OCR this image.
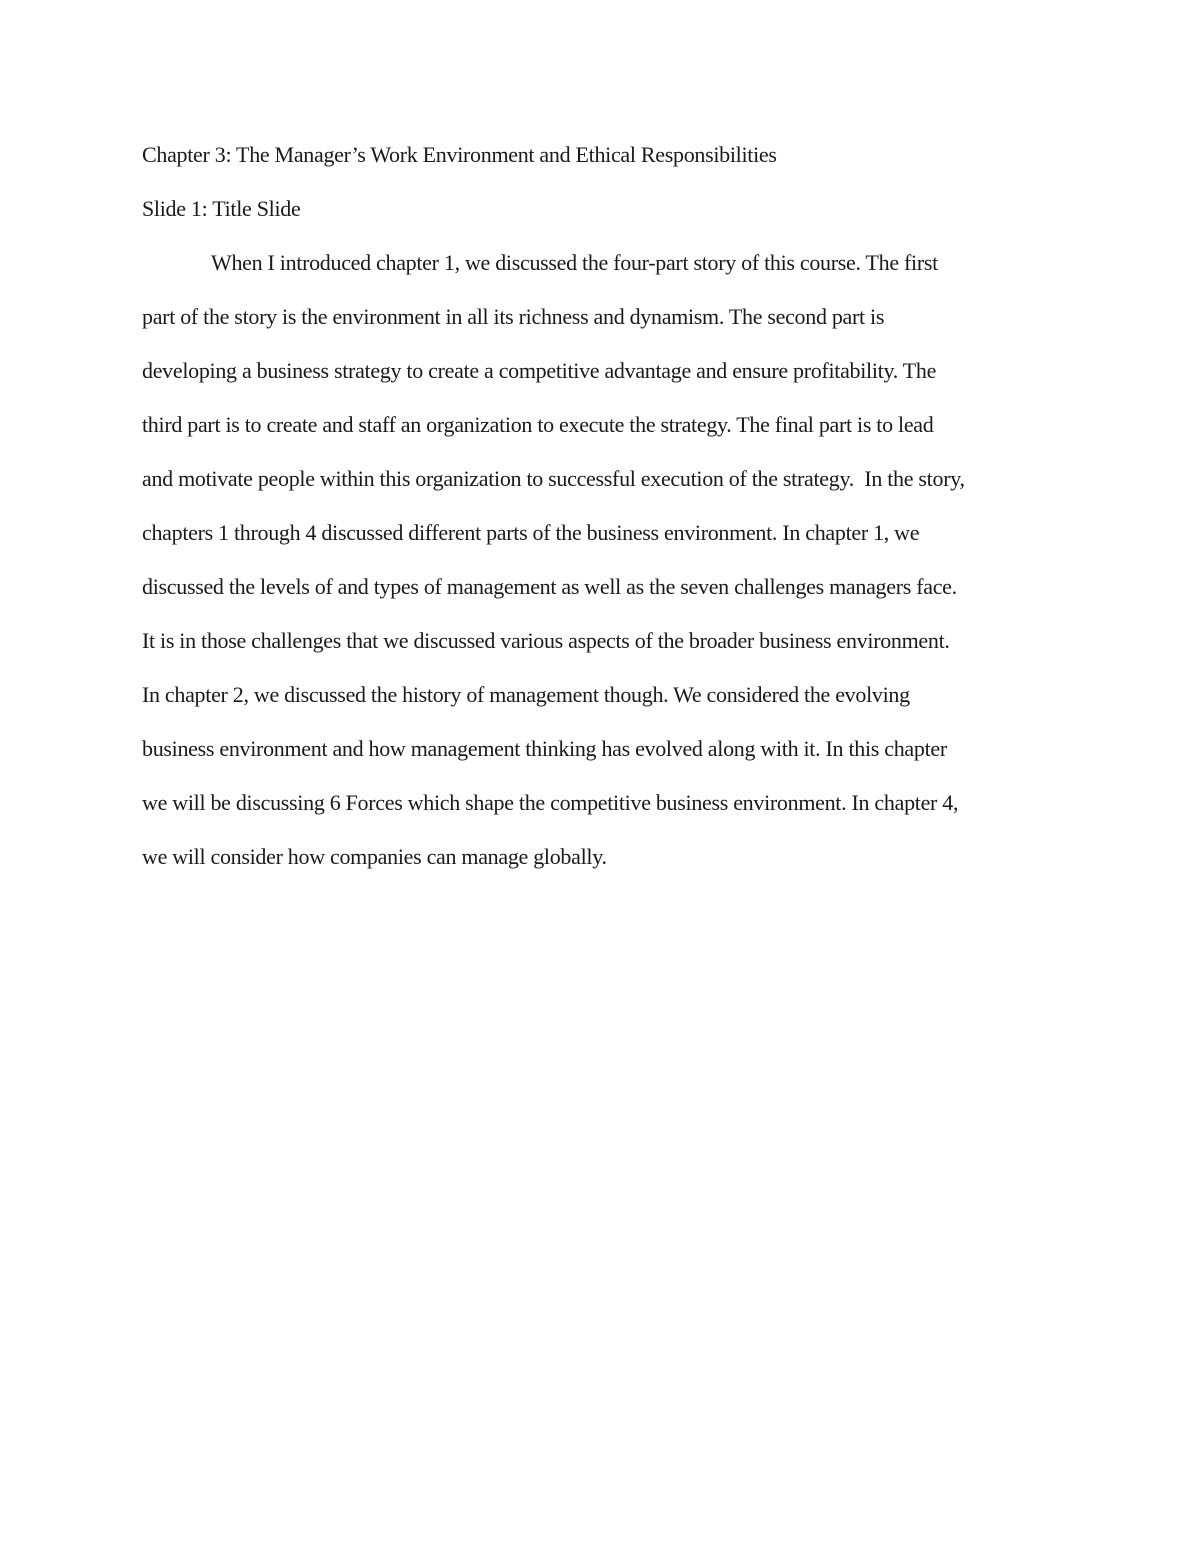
Chapter 3: The Manager’s Work Environment and Ethical Responsibilities
Slide 1: Title Slide
When I introduced chapter 1, we discussed the four-part story of this course. The first
part of the story is the environment in all its richness and dynamism. The second part is
developing a business strategy to create a competitive advantage and ensure profitability. The
third part is to create and staff an organization to execute the strategy. The final part is to lead
and motivate people within this organization to successful execution of the strategy.  In the story,
chapters 1 through 4 discussed different parts of the business environment. In chapter 1, we
discussed the levels of and types of management as well as the seven challenges managers face.
It is in those challenges that we discussed various aspects of the broader business environment.
In chapter 2, we discussed the history of management though. We considered the evolving
business environment and how management thinking has evolved along with it. In this chapter
we will be discussing 6 Forces which shape the competitive business environment. In chapter 4,
we will consider how companies can manage globally.
